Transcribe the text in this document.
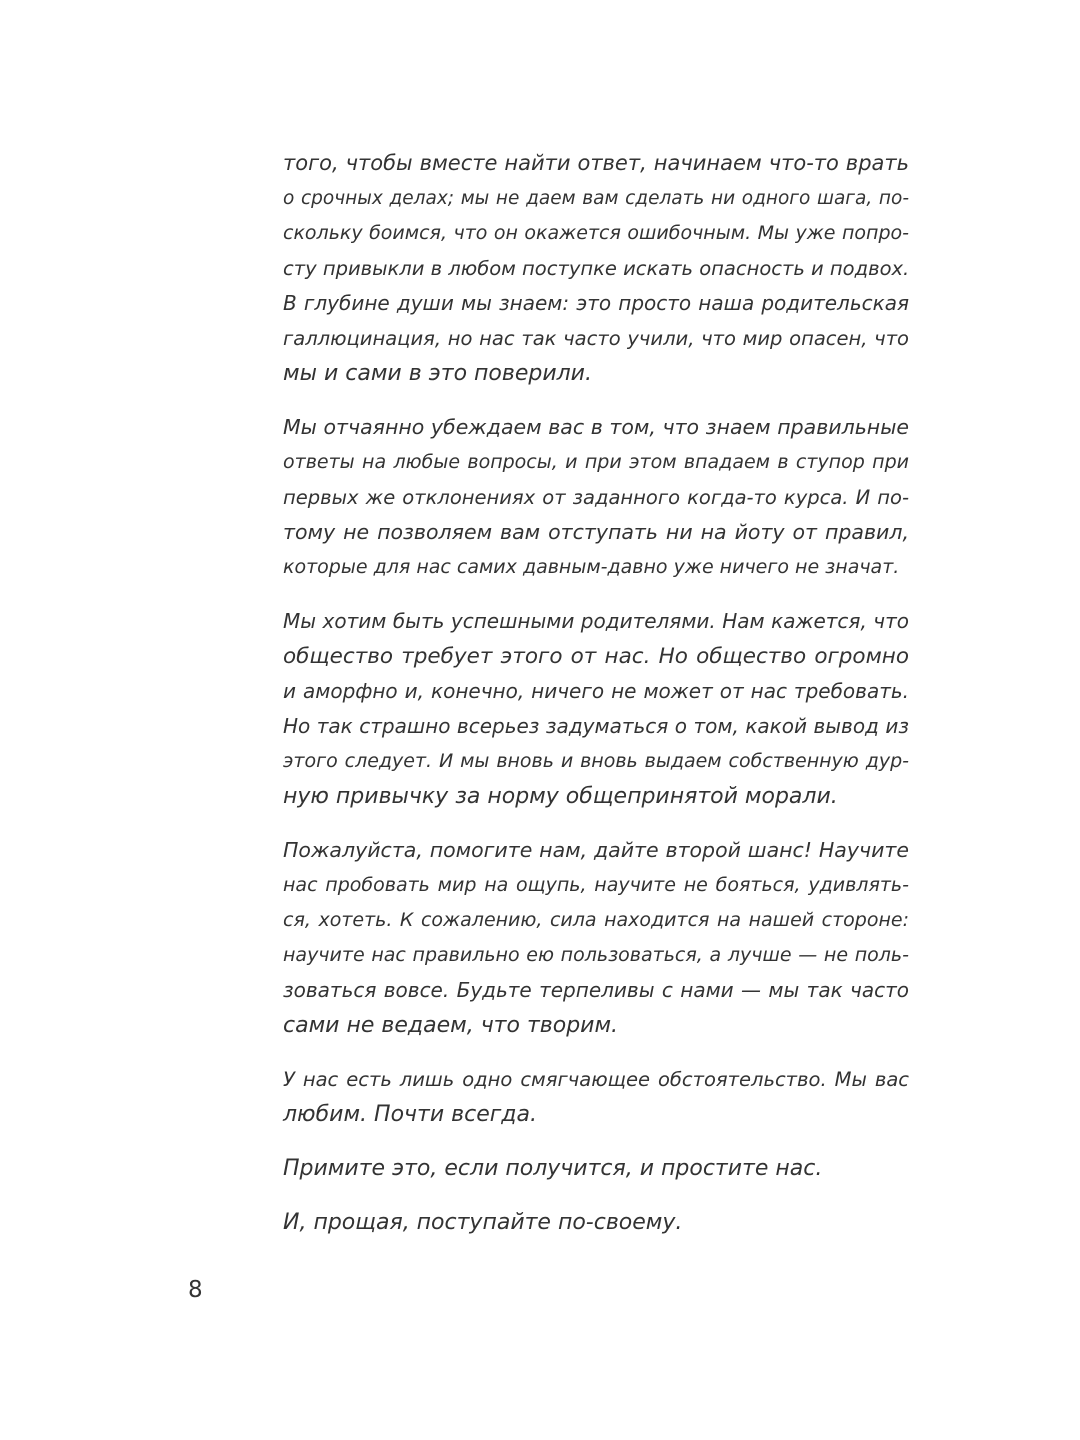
того, чтобы вместе найти ответ, начинаем что-то врать
о срочных делах; мы не даем вам сделать ни одного шага, по-
скольку боимся, что он окажется ошибочным. Мы уже попро-
сту привыкли в любом поступке искать опасность и подвох.
В глубине души мы знаем: это просто наша родительская
галлюцинация, но нас так часто учили, что мир опасен, что
мы и сами в это поверили.
Мы отчаянно убеждаем вас в том, что знаем правильные
ответы на любые вопросы, и при этом впадаем в ступор при
первых же отклонениях от заданного когда-то курса. И по-
тому не позволяем вам отступать ни на йоту от правил,
которые для нас самих давным-давно уже ничего не значат.
Мы хотим быть успешными родителями. Нам кажется, что
общество требует этого от нас. Но общество огромно
и аморфно и, конечно, ничего не может от нас требовать.
Но так страшно всерьез задуматься о том, какой вывод из
этого следует. И мы вновь и вновь выдаем собственную дур-
ную привычку за норму общепринятой морали.
Пожалуйста, помогите нам, дайте второй шанс! Научите
нас пробовать мир на ощупь, научите не бояться, удивлять-
ся, хотеть. К сожалению, сила находится на нашей стороне:
научите нас правильно ею пользоваться, а лучше — не поль-
зоваться вовсе. Будьте терпеливы с нами — мы так часто
сами не ведаем, что творим.
У нас есть лишь одно смягчающее обстоятельство. Мы вас
любим. Почти всегда.
Примите это, если получится, и простите нас.
И, прощая, поступайте по-своему.
8
